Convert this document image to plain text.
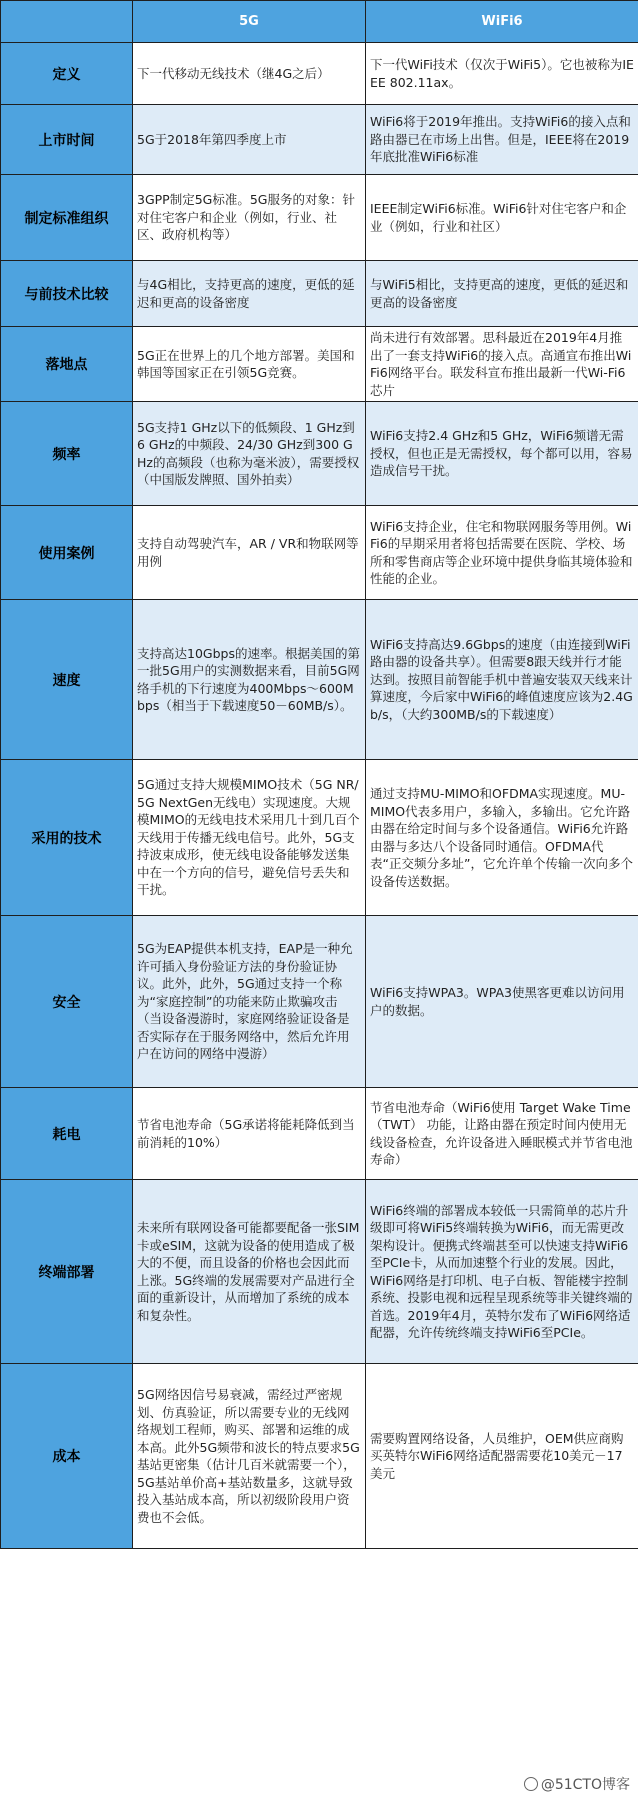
	5G	WiFi6
定义	下一代移动无线技术（继4G之后）	下一代WiFi技术（仅次于WiFi5）。它也被称为IEEE 802.11ax。
上市时间	5G于2018年第四季度上市	WiFi6将于2019年推出。支持WiFi6的接入点和路由器已在市场上出售。但是，IEEE将在2019年底批准WiFi6标准
制定标准组织	3GPP制定5G标准。5G服务的对象：针对住宅客户和企业（例如，行业、社区、政府机构等）	IEEE制定WiFi6标准。WiFi6针对住宅客户和企业（例如，行业和社区）
与前技术比较	与4G相比，支持更高的速度，更低的延迟和更高的设备密度	与WiFi5相比，支持更高的速度，更低的延迟和更高的设备密度
落地点	5G正在世界上的几个地方部署。美国和韩国等国家正在引领5G竞赛。	尚未进行有效部署。思科最近在2019年4月推出了一套支持WiFi6的接入点。高通宣布推出WiFi6网络平台。联发科宣布推出最新一代Wi-Fi6芯片
频率	5G支持1 GHz以下的低频段、1 GHz到6 GHz的中频段、24/30 GHz到300 GHz的高频段（也称为毫米波），需要授权（中国版发牌照、国外拍卖）	WiFi6支持2.4 GHz和5 GHz，WiFi6频谱无需授权，但也正是无需授权，每个都可以用，容易造成信号干扰。
使用案例	支持自动驾驶汽车，AR / VR和物联网等用例	WiFi6支持企业，住宅和物联网服务等用例。WiFi6的早期采用者将包括需要在医院、学校、场所和零售商店等企业环境中提供身临其境体验和性能的企业。
速度	支持高达10Gbps的速率。根据美国的第一批5G用户的实测数据来看，目前5G网络手机的下行速度为400Mbps～600Mbps（相当于下载速度50－60MB/s）。	WiFi6支持高达9.6Gbps的速度（由连接到WiFi路由器的设备共享）。但需要8跟天线并行才能达到。按照目前智能手机中普遍安装双天线来计算速度，今后家中WiFi6的峰值速度应该为2.4Gb/s，（大约300MB/s的下载速度）
采用的技术	5G通过支持大规模MIMO技术（5G NR/5G NextGen无线电）实现速度。大规模MIMO的无线电技术采用几十到几百个天线用于传播无线电信号。此外，5G支持波束成形，使无线电设备能够发送集中在一个方向的信号，避免信号丢失和干扰。	通过支持MU-MIMO和OFDMA实现速度。MU-MIMO代表多用户，多输入，多输出。它允许路由器在给定时间与多个设备通信。WiFi6允许路由器与多达八个设备同时通信。OFDMA代表“正交频分多址”，它允许单个传输一次向多个设备传送数据。
安全	5G为EAP提供本机支持，EAP是一种允许可插入身份验证方法的身份验证协议。此外，此外，5G通过支持一个称为“家庭控制”的功能来防止欺骗攻击（当设备漫游时，家庭网络验证设备是否实际存在于服务网络中，然后允许用户在访问的网络中漫游）	WiFi6支持WPA3。WPA3使黑客更难以访问用户的数据。
耗电	节省电池寿命（5G承诺将能耗降低到当前消耗的10%）	节省电池寿命（WiFi6使用 Target Wake Time（TWT） 功能，让路由器在预定时间内使用无线设备检查，允许设备进入睡眠模式并节省电池寿命）
终端部署	未来所有联网设备可能都要配备一张SIM卡或eSIM，这就为设备的使用造成了极大的不便，而且设备的价格也会因此而上涨。5G终端的发展需要对产品进行全面的重新设计，从而增加了系统的成本和复杂性。	WiFi6终端的部署成本较低一只需简单的芯片升级即可将WiFi5终端转换为WiFi6，而无需更改架构设计。便携式终端甚至可以快速支持WiFi6至PCIe卡，从而加速整个行业的发展。因此，WiFi6网络是打印机、电子白板、智能楼宇控制系统、投影电视和远程呈现系统等非关键终端的首选。2019年4月，英特尔发布了WiFi6网络适配器，允许传统终端支持WiFi6至PCIe。
成本	5G网络因信号易衰减，需经过严密规划、仿真验证，所以需要专业的无线网络规划工程师，购买、部署和运维的成本高。此外5G频带和波长的特点要求5G基站更密集（估计几百米就需要一个），5G基站单价高+基站数量多，这就导致投入基站成本高，所以初级阶段用户资费也不会低。	需要购置网络设备，人员维护，OEM供应商购买英特尔WiFi6网络适配器需要花10美元－17美元
@51CTO博客
